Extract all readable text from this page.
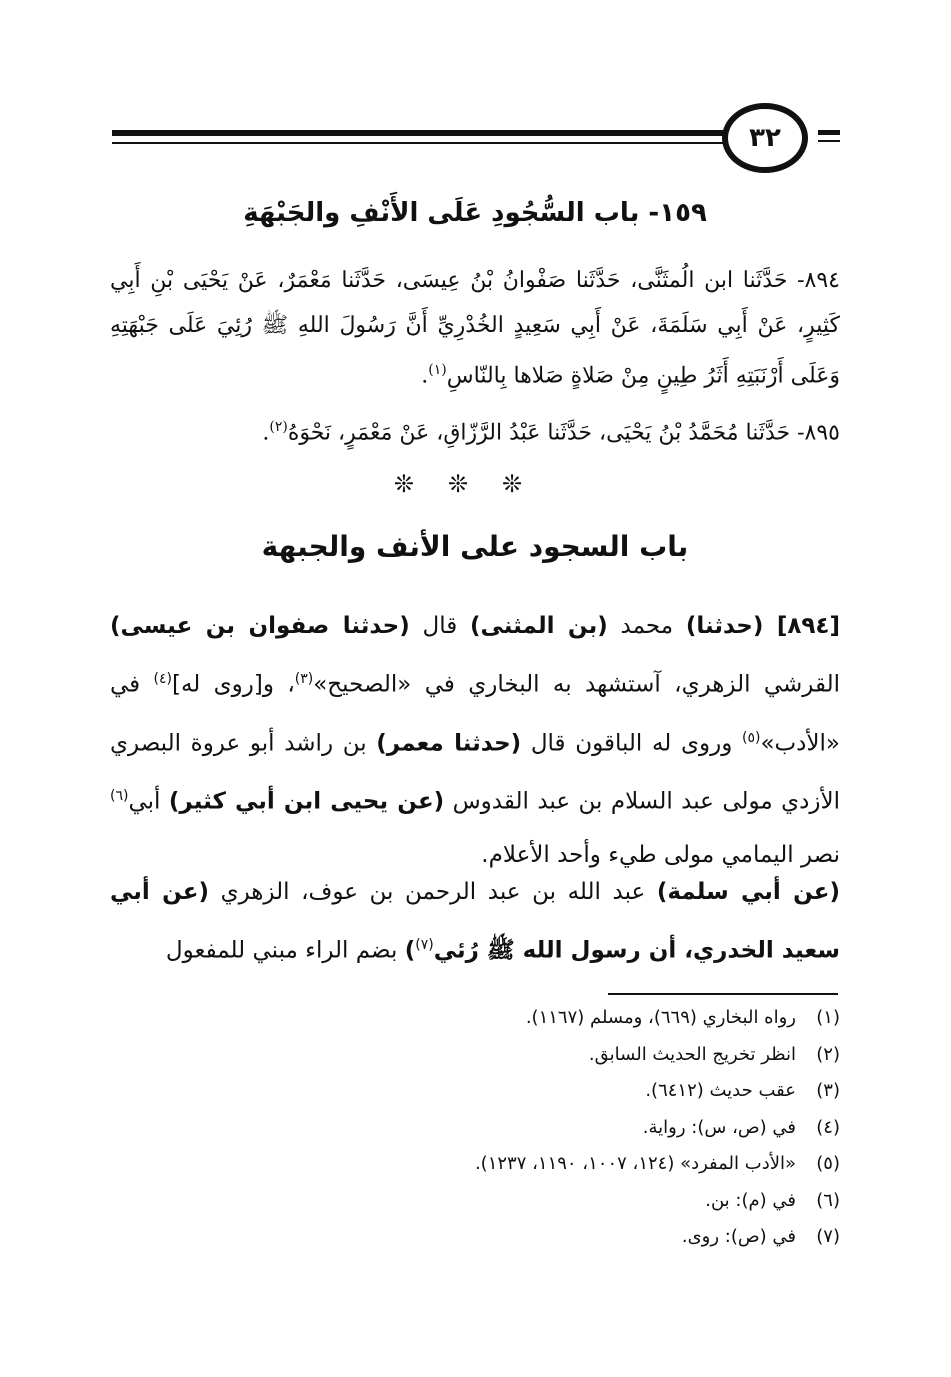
٣٢
١٥٩- باب السُّجُودِ عَلَى الأَنْفِ والجَبْهَةِ
٨٩٤- حَدَّثَنا ابن الُمثَنَّى، حَدَّثَنا صَفْوانُ بْنُ عِيسَى، حَدَّثَنا مَعْمَرٌ، عَنْ يَحْيَى بْنِ أَبِي كَثِيرٍ، عَنْ أَبِي سَلَمَةَ، عَنْ أَبِي سَعِيدٍ الخُدْرِيِّ أَنَّ رَسُولَ اللهِ ﷺ رُئِيَ عَلَى جَبْهَتِهِ وَعَلَى أَرْنَبَتِهِ أَثَرُ طِينٍ مِنْ صَلاةٍ صَلاها بِالنّاسِ$^{(١)}$.
٨٩٥- حَدَّثَنا مُحَمَّدُ بْنُ يَحْيَى، حَدَّثَنا عَبْدُ الرَّزّاقِ، عَنْ مَعْمَرٍ، نَحْوَهُ$^{(٢)}$.
❊❊❊
باب السجود على الأنف والجبهة
[٨٩٤] (حدثنا) محمد (بن المثنى) قال (حدثنا صفوان بن عيسى) القرشي الزهري، آستشهد به البخاري في «الصحيح»$^{(٣)}$، و[روى له]$^{(٤)}$ في «الأدب»$^{(٥)}$ وروى له الباقون قال (حدثنا معمر) بن راشد أبو عروة البصري الأزدي مولى عبد السلام بن عبد القدوس (عن يحيى ابن أبي كثير) أبي$^{(٦)}$ نصر اليمامي مولى طيء وأحد الأعلام.
(عن أبي سلمة) عبد الله بن عبد الرحمن بن عوف، الزهري (عن أبي سعيد الخدري، أن رسول الله ﷺ رُئي$^{(٧)}$) بضم الراء مبني للمفعول
(١)رواه البخاري (٦٦٩)، ومسلم (١١٦٧).
(٢)انظر تخريج الحديث السابق.
(٣)عقب حديث (٦٤١٢).
(٤)في (ص، س): رواية.
(٥)«الأدب المفرد» (١٢٤، ١٠٠٧، ١١٩٠، ١٢٣٧).
(٦)في (م): بن.
(٧)في (ص): روى.
